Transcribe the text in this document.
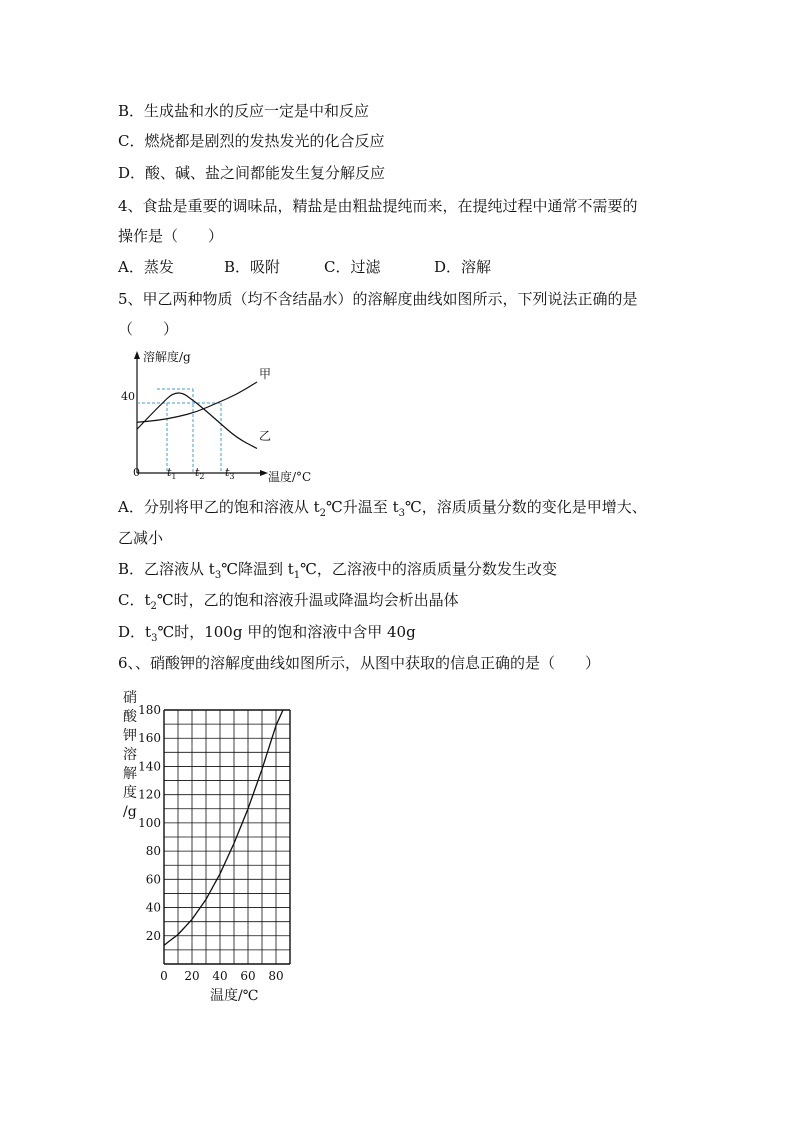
B．生成盐和水的反应一定是中和反应
C．燃烧都是剧烈的发热发光的化合反应
D．酸、碱、盐之间都能发生复分解反应
4、食盐是重要的调味品，精盐是由粗盐提纯而来，在提纯过程中通常不需要的
操作是（　　）
A．蒸发	B．吸附	C．过滤	D．溶解
5、甲乙两种物质（均不含结晶水）的溶解度曲线如图所示，下列说法正确的是
（　　）
溶解度/g
40
0 $t_1$ $t_2$ $t_3$	温度/°C
甲
乙
A．分别将甲乙的饱和溶液从 $t_2℃$升温至 $t_3℃$，溶质质量分数的变化是甲增大、
乙减小
B．乙溶液从 $t_3℃$降温到 $t_1℃$，乙溶液中的溶质质量分数发生改变
C．$t_2℃$时，乙的饱和溶液升温或降温均会析出晶体
D．$t_3℃$时，100g 甲的饱和溶液中含甲 40g
6、、硝酸钾的溶解度曲线如图所示，从图中获取的信息正确的是（　　）
硝
酸
钾
溶
解
度
/g
20
40
60
80
100
120
140
160
180
0 20 40 60 80
温度/℃
